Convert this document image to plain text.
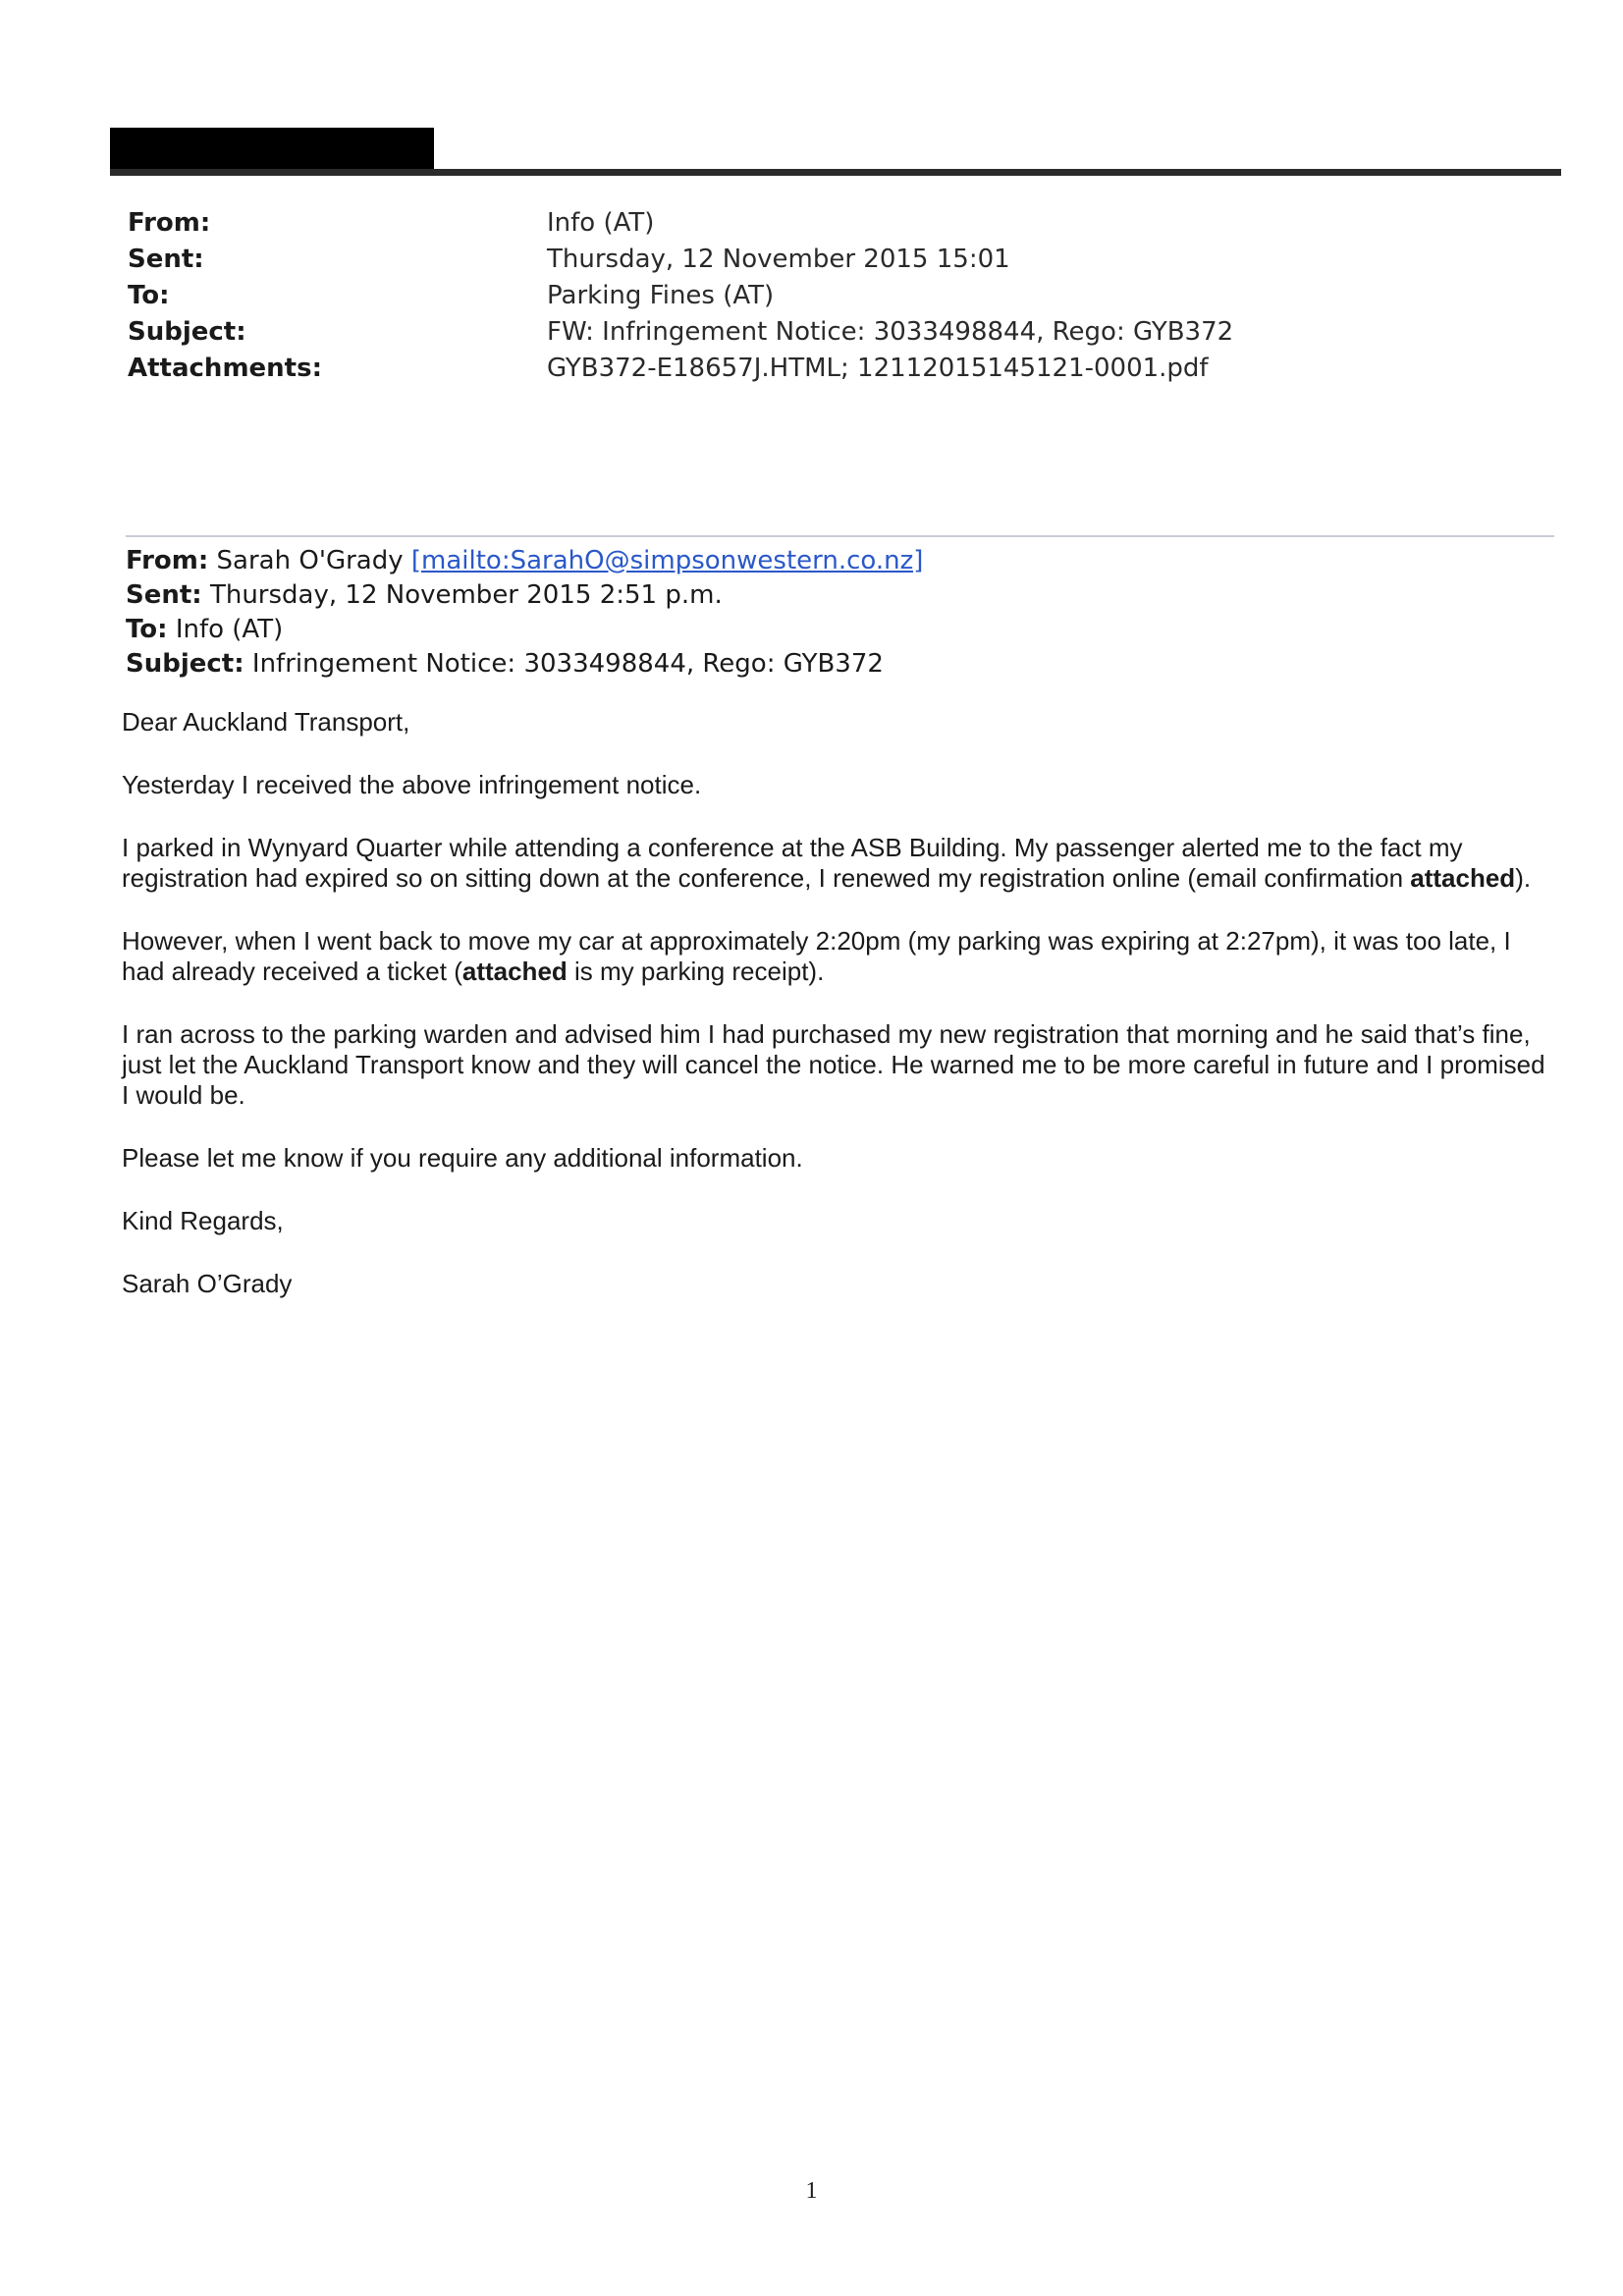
From:	Info (AT)
Sent:	Thursday, 12 November 2015 15:01
To:	Parking Fines (AT)
Subject:	FW: Infringement Notice: 3033498844, Rego: GYB372
Attachments:	GYB372-E18657J.HTML; 12112015145121-0001.pdf
From: Sarah O'Grady [mailto:SarahO@simpsonwestern.co.nz]
Sent: Thursday, 12 November 2015 2:51 p.m.
To: Info (AT)
Subject: Infringement Notice: 3033498844, Rego: GYB372

Dear Auckland Transport,

Yesterday I received the above infringement notice.

I parked in Wynyard Quarter while attending a conference at the ASB Building. My passenger alerted me to the fact my registration had expired so on sitting down at the conference, I renewed my registration online (email confirmation attached).

However, when I went back to move my car at approximately 2:20pm (my parking was expiring at 2:27pm), it was too late, I had already received a ticket (attached is my parking receipt).

I ran across to the parking warden and advised him I had purchased my new registration that morning and he said that’s fine, just let the Auckland Transport know and they will cancel the notice. He warned me to be more careful in future and I promised I would be.

Please let me know if you require any additional information.

Kind Regards,

Sarah O’Grady

1
